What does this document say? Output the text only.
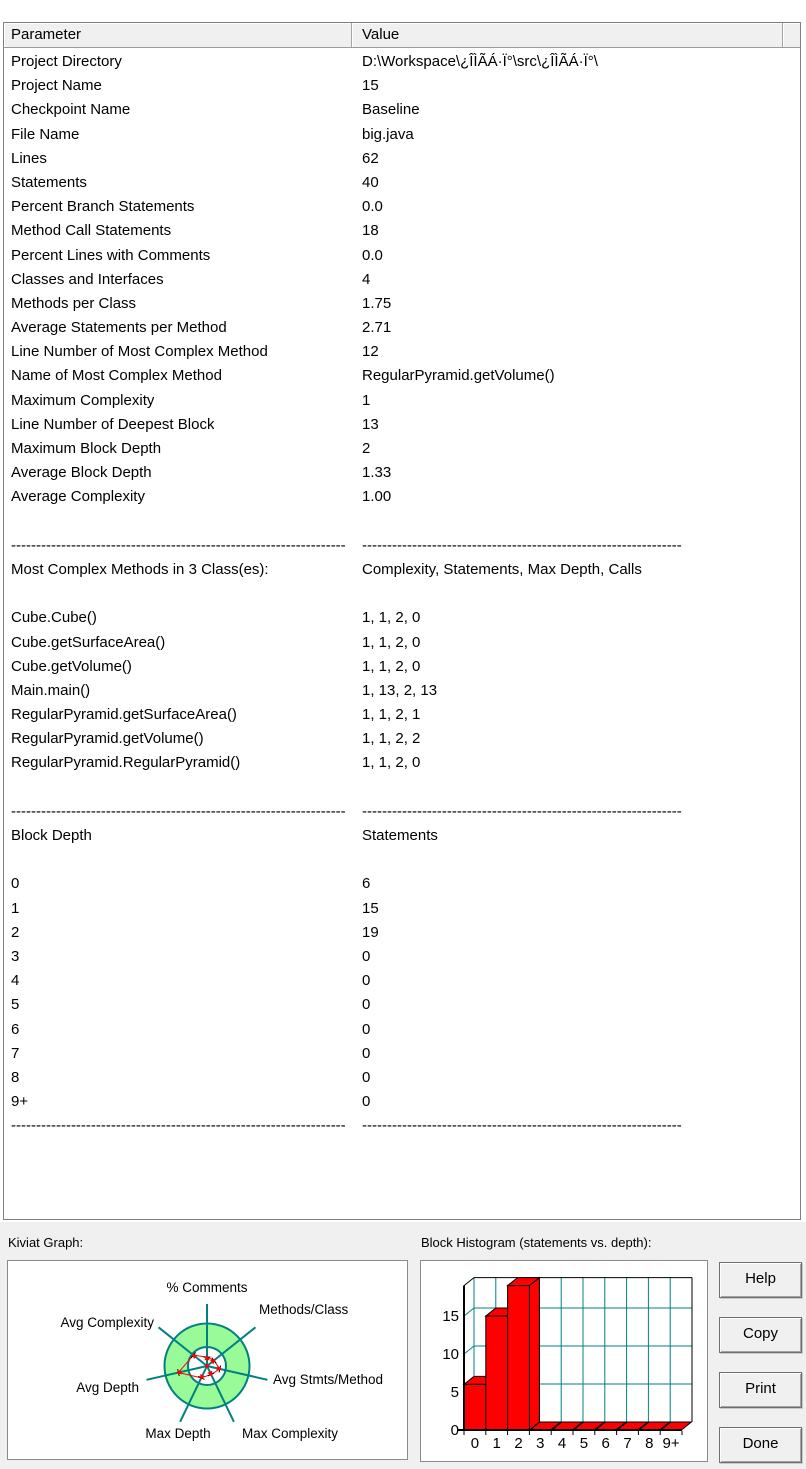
Parameter	Value
Project Directory	D:\Workspace\¿ÎÌÃÁ·Ï°\src\¿ÎÌÃÁ·Ï°\
Project Name	15
Checkpoint Name	Baseline
File Name	big.java
Lines	62
Statements	40
Percent Branch Statements	0.0
Method Call Statements	18
Percent Lines with Comments	0.0
Classes and Interfaces	4
Methods per Class	1.75
Average Statements per Method	2.71
Line Number of Most Complex Method	12
Name of Most Complex Method	RegularPyramid.getVolume()
Maximum Complexity	1
Line Number of Deepest Block	13
Maximum Block Depth	2
Average Block Depth	1.33
Average Complexity	1.00
------------------------------------------------------------------- ----------------------------------------------------------------
Most Complex Methods in 3 Class(es):	Complexity, Statements, Max Depth, Calls
Cube.Cube()	1, 1, 2, 0
Cube.getSurfaceArea()	1, 1, 2, 0
Cube.getVolume()	1, 1, 2, 0
Main.main()	1, 13, 2, 13
RegularPyramid.getSurfaceArea()	1, 1, 2, 1
RegularPyramid.getVolume()	1, 1, 2, 2
RegularPyramid.RegularPyramid()	1, 1, 2, 0
------------------------------------------------------------------- ----------------------------------------------------------------
Block Depth	Statements
0	6
1	15
2	19
3	0
4	0
5	0
6	0
7	0
8	0
9+	0
------------------------------------------------------------------- ----------------------------------------------------------------
Kiviat Graph:	Block Histogram (statements vs. depth):
% Comments
Methods/Class
Avg Stmts/Method
Max Complexity
Max Depth
Avg Depth
Avg Complexity
0
5
10
15
0 1 2 3 4 5 6 7 8 9+
Help
Copy
Print
Done
